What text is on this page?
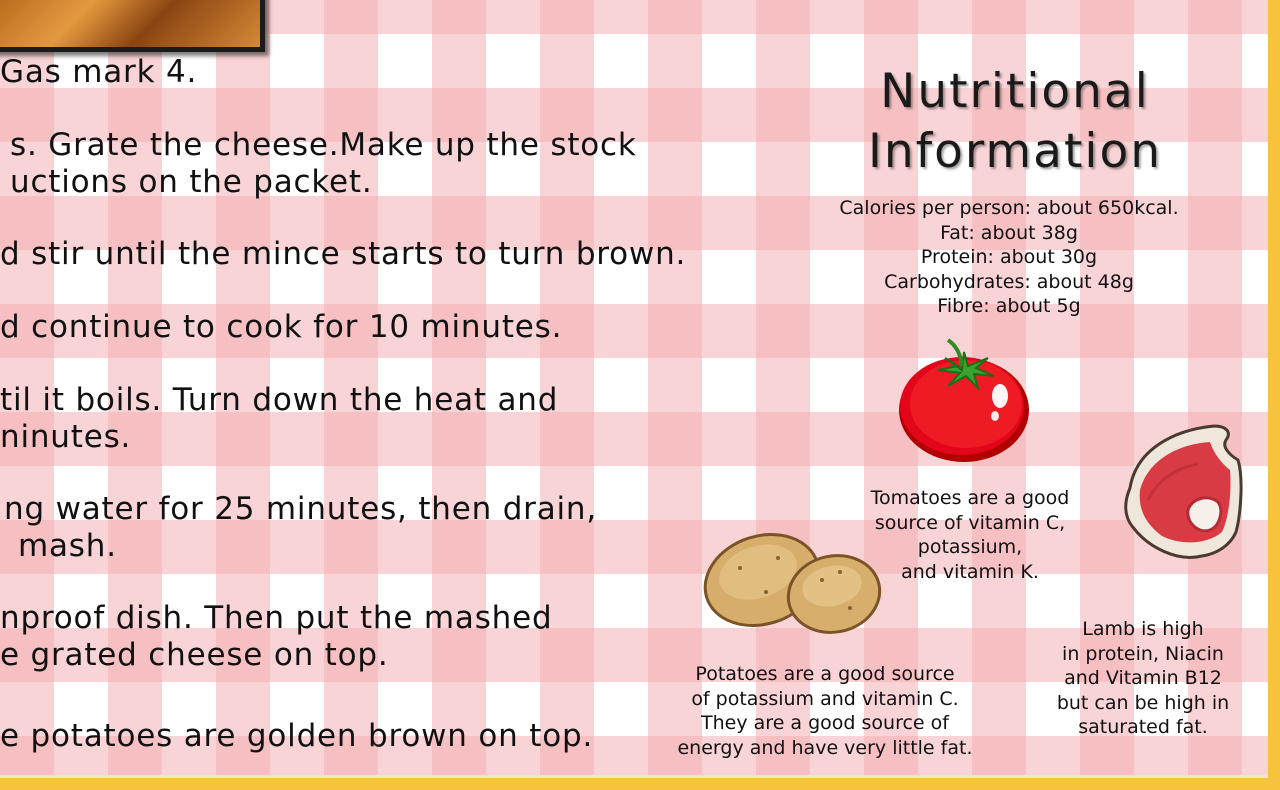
Gas mark 4.
s. Grate the cheese.Make up the stock
uctions on the packet.
d stir until the mince starts to turn brown.
d continue to cook for 10 minutes.
til it boils. Turn down the heat and
ninutes.
ng water for 25 minutes, then drain,
mash.
nproof dish. Then put the mashed
e grated cheese on top.
e potatoes are golden brown on top.
Nutritional
Information
Calories per person: about 650kcal.
Fat: about 38g
Protein: about 30g
Carbohydrates: about 48g
Fibre: about 5g
Tomatoes are a good
source of vitamin C,
potassium,
and vitamin K.
Lamb is high
in protein, Niacin
and Vitamin B12
but can be high in
saturated fat.
Potatoes are a good source
of potassium and vitamin C.
They are a good source of
energy and have very little fat.
